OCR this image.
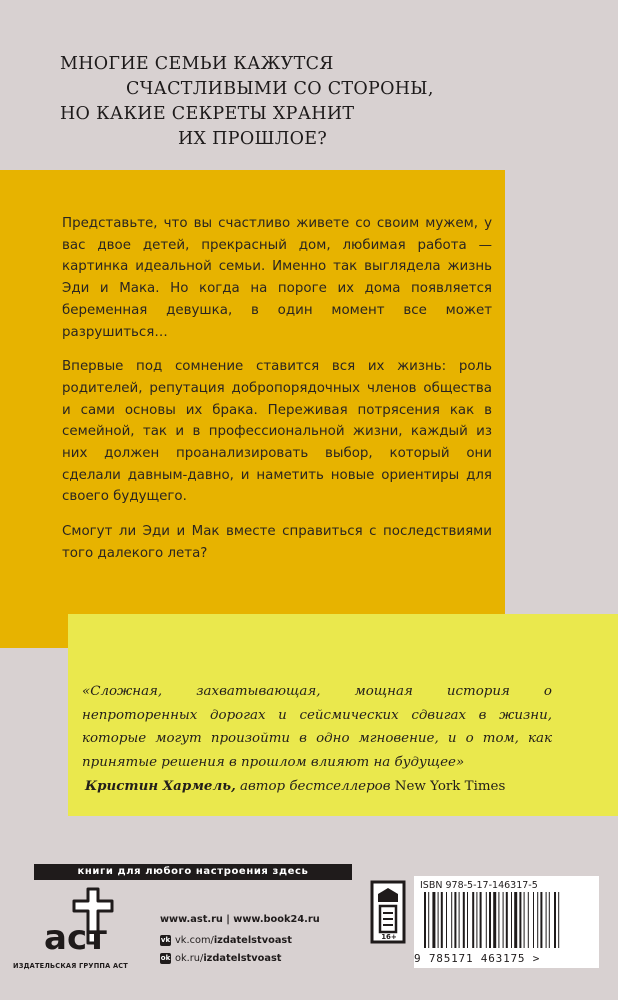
МНОГИЕ СЕМЬИ КАЖУТСЯ
СЧАСТЛИВЫМИ СО СТОРОНЫ,
НО КАКИЕ СЕКРЕТЫ ХРАНИТ
ИХ ПРОШЛОЕ?

Представьте, что вы счастливо живете со своим мужем, у вас двое детей, прекрасный дом, любимая работа — картинка идеальной семьи. Именно так выглядела жизнь Эди и Мака. Но когда на пороге их дома появляется беременная девушка, в один момент все может разрушиться…

Впервые под сомнение ставится вся их жизнь: роль родителей, репутация добропорядочных членов общества и сами основы их брака. Переживая потрясения как в семейной, так и в профессиональной жизни, каждый из них должен проанализировать выбор, который они сделали давным-давно, и наметить новые ориентиры для своего будущего.

Смогут ли Эди и Мак вместе справиться с последствиями того далекого лета?

«Сложная, захватывающая, мощная история о непроторенных дорогах и сейсмических сдвигах в жизни, которые могут произойти в одно мгновение, и о том, как принятые решения в прошлом влияют на будущее»
Кристин Хармель, автор бестселлеров New York Times
книги для любого настроения здесь
аст
ИЗДАТЕЛЬСКАЯ ГРУППА АСТ
www.ast.ru | www.book24.ru
vk vk.com/ izdatelstvoast
ok ok.ru/ izdatelstvoast
16+
ISBN 978-5-17-146317-5
9 785171 463175 >
